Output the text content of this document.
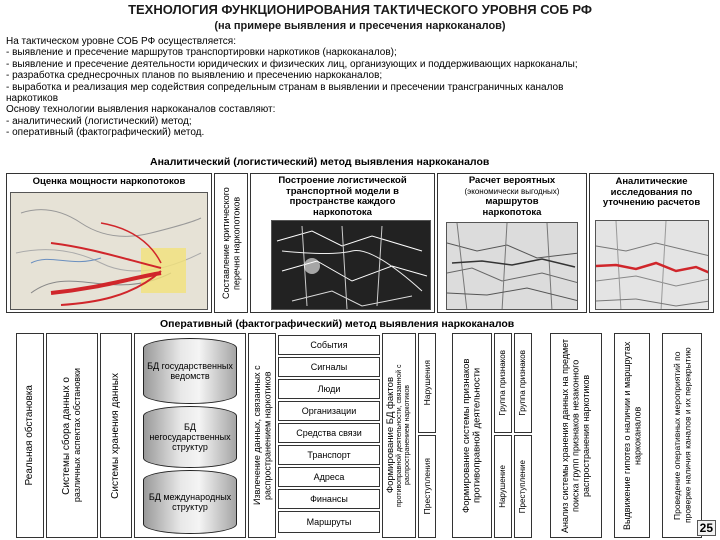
ТЕХНОЛОГИЯ ФУНКЦИОНИРОВАНИЯ ТАКТИЧЕСКОГО УРОВНЯ СОБ РФ
(на примере выявления и пресечения наркоканалов)
На тактическом уровне СОБ РФ осуществляется:
- выявление и пресечение маршрутов транспортировки наркотиков (наркоканалов);
- выявление и пресечение деятельности юридических и физических лиц, организующих и поддерживающих наркоканалы;
- разработка среднесрочных планов по выявлению и пресечению наркоканалов;
- выработка и реализация мер содействия сопредельным странам в выявлении и пресечении трансграничных каналов
наркотиков
Основу технологии выявления наркоканалов составляют:
- аналитический (логистический) метод;
- оперативный (фактографический) метод.
Аналитический (логистический) метод выявления наркоканалов
Оценка мощности наркопотоков
Составление критического перечня наркопотоков
Построение логистической транспортной модели в пространстве каждого наркопотока
Расчет вероятных
(экономически выгодных)
маршрутов наркопотока
Аналитические исследования по уточнению расчетов
Оперативный (фактографический) метод выявления наркоканалов
Реальная обстановка	Системы сбора данных о различных аспектах обстановки	Системы хранения данных
БД государственных ведомств
БД негосударственных структур
БД международных структур
Извлечение данных, связанных с распространением наркотиков
События
Сигналы
Люди
Организации
Средства связи
Транспорт
Адреса
Финансы
Маршруты
Формирование БД фактов противоправной деятельности, связанной с распространением наркотиков
Нарушения
Преступления	Формирование системы признаков противоправной деятельности Группа признаков
Нарушение
Группа признаков
Преступление	Анализ системы хранения данных на предмет поиска групп признаков незаконного распространения наркотиков	Выдвижение гипотез о наличии и маршрутах наркоканалов	Проведение оперативных мероприятий по проверке наличия каналов и их перекрытию
25
